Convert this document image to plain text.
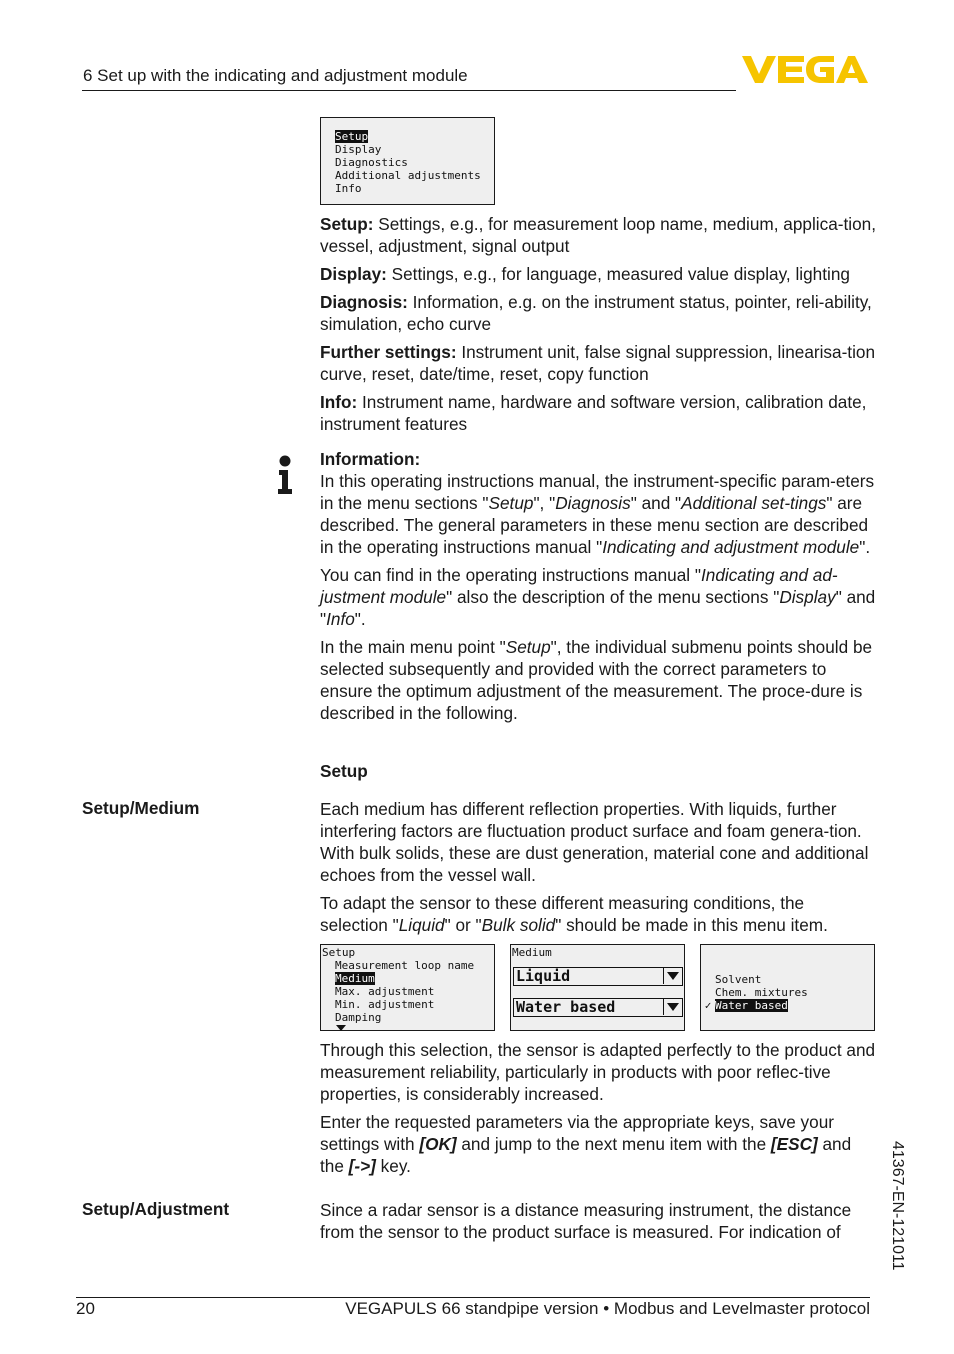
6 Set up with the indicating and adjustment module
Setup
Display
Diagnostics
Additional adjustments
Info

Setup: Settings, e.g., for measurement loop name, medium, applica-tion, vessel, adjustment, signal output

Display: Settings, e.g., for language, measured value display, lighting

Diagnosis: Information, e.g. on the instrument status, pointer, reli-ability, simulation, echo curve

Further settings: Instrument unit, false signal suppression, linearisa-tion curve, reset, date/time, reset, copy function

Info: Instrument name, hardware and software version, calibration date, instrument features

Information:

In this operating instructions manual, the instrument-specific param-eters in the menu sections "Setup", "Diagnosis" and "Additional set-tings" are described. The general parameters in these menu section are described in the operating instructions manual "Indicating and adjustment module".

You can find in the operating instructions manual "Indicating and ad-justment module" also the description of the menu sections "Display" and "Info".

In the main menu point "Setup", the individual submenu points should be selected subsequently and provided with the correct parameters to ensure the optimum adjustment of the measurement. The proce-dure is described in the following.

Setup
Setup/Medium	Each medium has different reflection properties. With liquids, further interfering factors are fluctuation product surface and foam genera-tion. With bulk solids, these are dust generation, material cone and additional echoes from the vessel wall.

To adapt the sensor to these different measuring conditions, the selection "Liquid" or "Bulk solid" should be made in this menu item.

Setup
Measurement loop name
Medium
Max. adjustment
Min. adjustment
Damping
Medium
Liquid
Water based
Solvent
Chem. mixtures
✓ Water based

Through this selection, the sensor is adapted perfectly to the product and measurement reliability, particularly in products with poor reflec-tive properties, is considerably increased.

Enter the requested parameters via the appropriate keys, save your settings with [OK] and jump to the next menu item with the [ESC] and the [->] key.

Setup/Adjustment	Since a radar sensor is a distance measuring instrument, the distance from the sensor to the product surface is measured. For indication of	41367-EN-121011
20	VEGAPULS 66 standpipe version • Modbus and Levelmaster protocol
